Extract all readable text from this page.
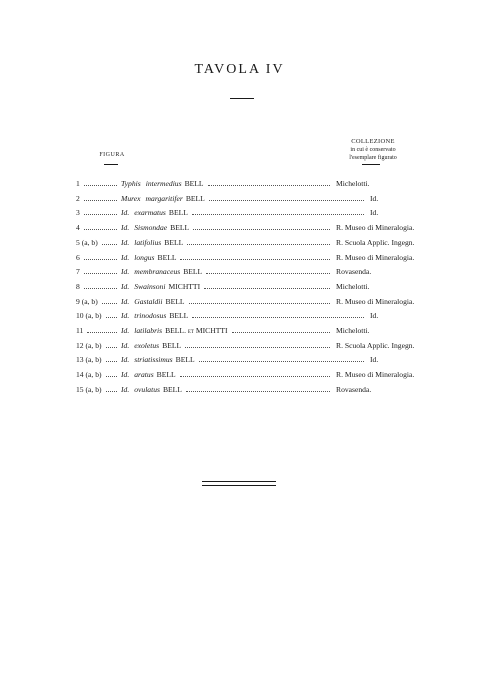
TAVOLA IV
FIGURA
COLLEZIONE
in cui è conservato
l'esemplare figurato
1	Typhis intermedius BELL	Michelotti.
2	Murex margaritifer BELL	Id.
3	Id. exarmatus BELL	Id.
4	Id. Sismondae BELL	R. Museo di Mineralogia.
5 (a, b)	Id. latifolius BELL	R. Scuola Applic. Ingegn.
6	Id. longus BELL	R. Museo di Mineralogia.
7	Id. membranaceus BELL	Rovasenda.
8	Id. Swainsoni MICHTTI	Michelotti.
9 (a, b)	Id. Gastaldii BELL	R. Museo di Mineralogia.
10 (a, b)	Id. trinodosus BELL	Id.
11	Id. latilabris BELL. et MICHTTI	Michelotti.
12 (a, b)	Id. exoletus BELL	R. Scuola Applic. Ingegn.
13 (a, b)	Id. striatissimus BELL	Id.
14 (a, b)	Id. aratus BELL	R. Museo di Mineralogia.
15 (a, b)	Id. ovulatus BELL	Rovasenda.
